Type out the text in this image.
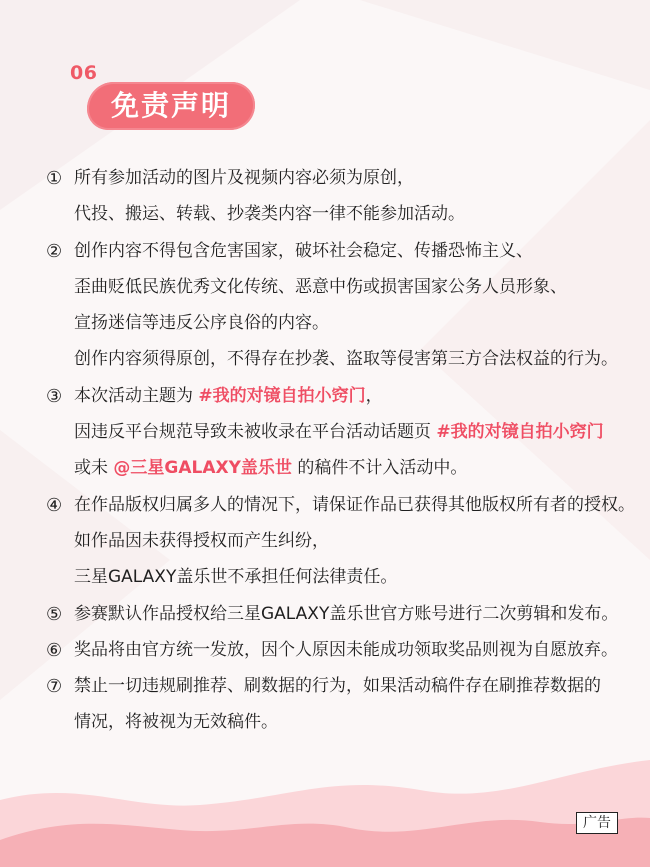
06
免责声明
① 所有参加活动的图片及视频内容必须为原创，
代投、搬运、转载、抄袭类内容一律不能参加活动。
② 创作内容不得包含危害国家，破坏社会稳定、传播恐怖主义、
歪曲贬低民族优秀文化传统、恶意中伤或损害国家公务人员形象、
宣扬迷信等违反公序良俗的内容。
创作内容须得原创，不得存在抄袭、盗取等侵害第三方合法权益的行为。
③ 本次活动主题为 #我的对镜自拍小窍门，
因违反平台规范导致未被收录在平台活动话题页 #我的对镜自拍小窍门
或未 @三星GALAXY盖乐世 的稿件不计入活动中。
④ 在作品版权归属多人的情况下，请保证作品已获得其他版权所有者的授权。
如作品因未获得授权而产生纠纷，
三星GALAXY盖乐世不承担任何法律责任。
⑤ 参赛默认作品授权给三星GALAXY盖乐世官方账号进行二次剪辑和发布。
⑥ 奖品将由官方统一发放，因个人原因未能成功领取奖品则视为自愿放弃。
⑦ 禁止一切违规刷推荐、刷数据的行为，如果活动稿件存在刷推荐数据的
情况，将被视为无效稿件。
广告
